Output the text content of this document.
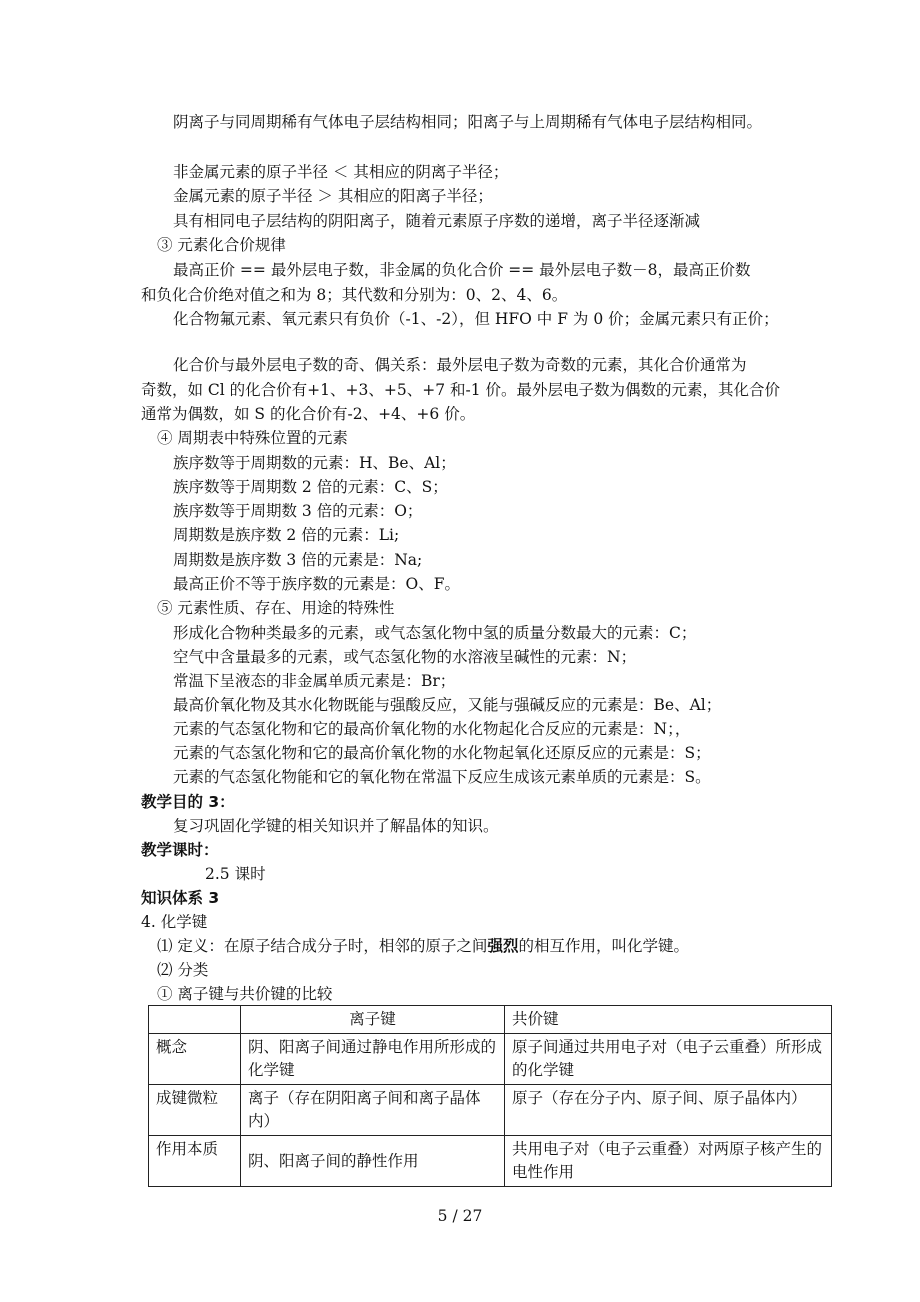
阴离子与同周期稀有气体电子层结构相同；阳离子与上周期稀有气体电子层结构相同。
非金属元素的原子半径 ＜ 其相应的阴离子半径；
金属元素的原子半径 ＞ 其相应的阳离子半径；
具有相同电子层结构的阴阳离子，随着元素原子序数的递增，离子半径逐渐减
③ 元素化合价规律
最高正价 == 最外层电子数，非金属的负化合价 == 最外层电子数－8，最高正价数
和负化合价绝对值之和为 8；其代数和分别为：0、2、4、6。
化合物氟元素、氧元素只有负价（-1、-2），但 HFO 中 F 为 0 价；金属元素只有正价；
化合价与最外层电子数的奇、偶关系：最外层电子数为奇数的元素，其化合价通常为
奇数，如 Cl 的化合价有+1、+3、+5、+7 和-1 价。最外层电子数为偶数的元素，其化合价
通常为偶数，如 S 的化合价有-2、+4、+6 价。
④ 周期表中特殊位置的元素
族序数等于周期数的元素：H、Be、Al；
族序数等于周期数 2 倍的元素：C、S；
族序数等于周期数 3 倍的元素：O；
周期数是族序数 2 倍的元素：Li;
周期数是族序数 3 倍的元素是：Na;
最高正价不等于族序数的元素是：O、F。
⑤ 元素性质、存在、用途的特殊性
形成化合物种类最多的元素，或气态氢化物中氢的质量分数最大的元素：C；
空气中含量最多的元素，或气态氢化物的水溶液呈碱性的元素：N；
常温下呈液态的非金属单质元素是：Br；
最高价氧化物及其水化物既能与强酸反应，又能与强碱反应的元素是：Be、Al；
元素的气态氢化物和它的最高价氧化物的水化物起化合反应的元素是：N；，
元素的气态氢化物和它的最高价氧化物的水化物起氧化还原反应的元素是：S；
元素的气态氢化物能和它的氧化物在常温下反应生成该元素单质的元素是：S。
教学目的 3：
复习巩固化学键的相关知识并了解晶体的知识。
教学课时：
2.5 课时
知识体系 3
4. 化学键
⑴ 定义：在原子结合成分子时，相邻的原子之间强烈的相互作用，叫化学键。
⑵ 分类
① 离子键与共价键的比较
	离子键	共价键
概念	阴、阳离子间通过静电作用所形成的化学键	原子间通过共用电子对（电子云重叠）所形成的化学键
成键微粒	离子（存在阴阳离子间和离子晶体内）	原子（存在分子内、原子间、原子晶体内）
作用本质	阴、阳离子间的静性作用	共用电子对（电子云重叠）对两原子核产生的电性作用
5 / 27
